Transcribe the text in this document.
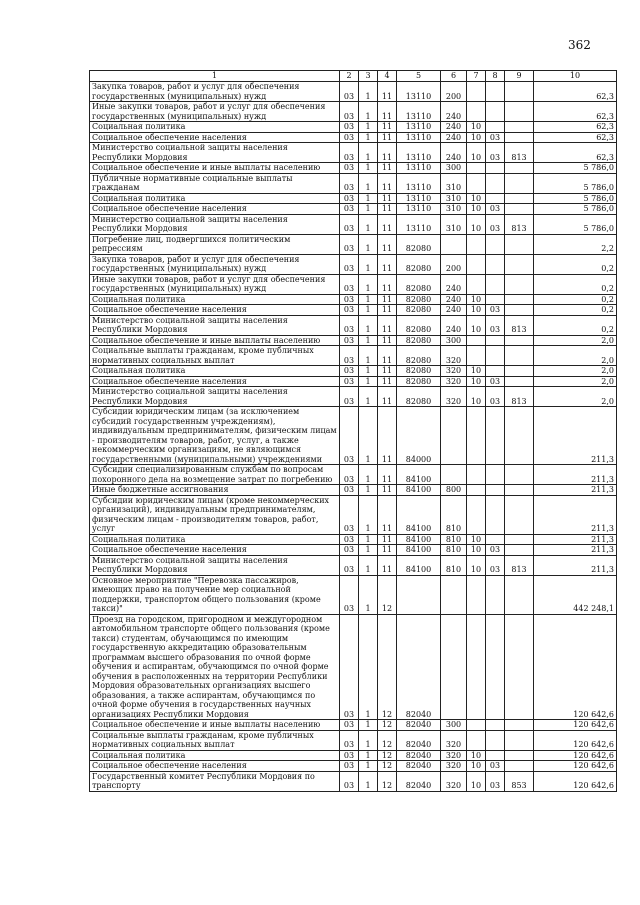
362
1	2	3	4	5	6	7	8	9	10
Закупка товаров, работ и услуг для обеспечения государственных (муниципальных) нужд	03	1	11	13110	200				62,3
Иные закупки товаров, работ и услуг для обеспечения государственных (муниципальных) нужд	03	1	11	13110	240				62,3
Социальная политика	03	1	11	13110	240	10			62,3
Социальное обеспечение населения	03	1	11	13110	240	10	03		62,3
Министерство социальной защиты населения Республики Мордовия	03	1	11	13110	240	10	03	813	62,3
Социальное обеспечение и иные выплаты населению	03	1	11	13110	300				5 786,0
Публичные нормативные социальные выплаты гражданам	03	1	11	13110	310				5 786,0
Социальная политика	03	1	11	13110	310	10			5 786,0
Социальное обеспечение населения	03	1	11	13110	310	10	03		5 786,0
Министерство социальной защиты населения Республики Мордовия	03	1	11	13110	310	10	03	813	5 786,0
Погребение лиц, подвергшихся политическим репрессиям	03	1	11	82080					2,2
Закупка товаров, работ и услуг для обеспечения государственных (муниципальных) нужд	03	1	11	82080	200				0,2
Иные закупки товаров, работ и услуг для обеспечения государственных (муниципальных) нужд	03	1	11	82080	240				0,2
Социальная политика	03	1	11	82080	240	10			0,2
Социальное обеспечение населения	03	1	11	82080	240	10	03		0,2
Министерство социальной защиты населения Республики Мордовия	03	1	11	82080	240	10	03	813	0,2
Социальное обеспечение и иные выплаты населению	03	1	11	82080	300				2,0
Социальные выплаты гражданам, кроме публичных нормативных социальных выплат	03	1	11	82080	320				2,0
Социальная политика	03	1	11	82080	320	10			2,0
Социальное обеспечение населения	03	1	11	82080	320	10	03		2,0
Министерство социальной защиты населения Республики Мордовия	03	1	11	82080	320	10	03	813	2,0
Субсидии юридическим лицам (за исключением субсидий государственным учреждениям), индивидуальным предпринимателям, физическим лицам - производителям товаров, работ, услуг, а также некоммерческим организациям, не являющимся государственными (муниципальными) учреждениями	03	1	11	84000					211,3
Субсидии специализированным службам по вопросам похоронного дела на возмещение затрат по погребению	03	1	11	84100					211,3
Иные бюджетные ассигнования	03	1	11	84100	800				211,3
Субсидии юридическим лицам (кроме некоммерческих организаций), индивидуальным предпринимателям, физическим лицам - производителям товаров, работ, услуг	03	1	11	84100	810				211,3
Социальная политика	03	1	11	84100	810	10			211,3
Социальное обеспечение населения	03	1	11	84100	810	10	03		211,3
Министерство социальной защиты населения Республики Мордовия	03	1	11	84100	810	10	03	813	211,3
Основное мероприятие "Перевозка пассажиров, имеющих право на получение мер социальной поддержки, транспортом общего пользования (кроме такси)"	03	1	12						442 248,1
Проезд на городском, пригородном и междугородном автомобильном транспорте общего пользования (кроме такси) студентам, обучающимся по имеющим государственную аккредитацию образовательным программам высшего образования по очной форме обучения и аспирантам, обучающимся по очной форме обучения в расположенных на территории Республики Мордовия образовательных организациях высшего образования, а также аспирантам, обучающимся по очной форме обучения в государственных научных организациях Республики Мордовия	03	1	12	82040					120 642,6
Социальное обеспечение и иные выплаты населению	03	1	12	82040	300				120 642,6
Социальные выплаты гражданам, кроме публичных нормативных социальных выплат	03	1	12	82040	320				120 642,6
Социальная политика	03	1	12	82040	320	10			120 642,6
Социальное обеспечение населения	03	1	12	82040	320	10	03		120 642,6
Государственный комитет Республики Мордовия по транспорту	03	1	12	82040	320	10	03	853	120 642,6
